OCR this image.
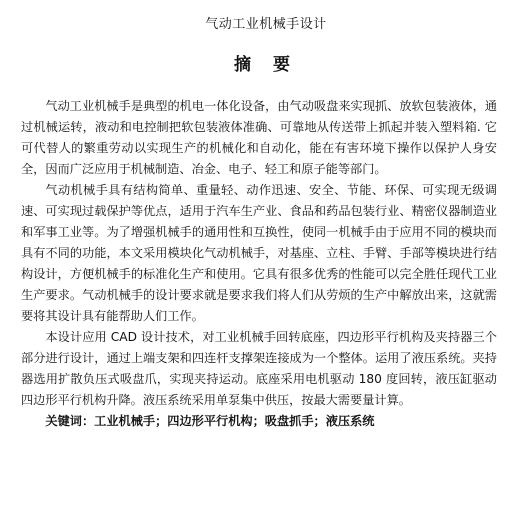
气动工业机械手设计
摘 要

气动工业机械手是典型的机电一体化设备，由气动吸盘来实现抓、放软包装液体，通过机械运转，液动和电控制把软包装液体准确、可靠地从传送带上抓起并装入塑料箱. 它可代替人的繁重劳动以实现生产的机械化和自动化，能在有害环境下操作以保护人身安全，因而广泛应用于机械制造、冶金、电子、轻工和原子能等部门。

气动机械手具有结构简单、重量轻、动作迅速、安全、节能、环保、可实现无级调速、可实现过载保护等优点，适用于汽车生产业、食品和药品包装行业、精密仪器制造业和军事工业等。为了增强机械手的通用性和互换性，使同一机械手由于应用不同的模块而具有不同的功能，本文采用模块化气动机械手，对基座、立柱、手臂、手部等模块进行结构设计，方便机械手的标准化生产和使用。它具有很多优秀的性能可以完全胜任现代工业生产要求。气动机械手的设计要求就是要求我们将人们从劳烦的生产中解放出来，这就需要将其设计具有能帮助人们工作。

本设计应用 CAD 设计技术，对工业机械手回转底座，四边形平行机构及夹持器三个部分进行设计，通过上端支架和四连杆支撑架连接成为一个整体。运用了液压系统。夹持器选用扩散负压式吸盘爪，实现夹持运动。底座采用电机驱动 180 度回转，液压缸驱动四边形平行机构升降。液压系统采用单泵集中供压，按最大需要量计算。

关键词：工业机械手；四边形平行机构；吸盘抓手；液压系统
